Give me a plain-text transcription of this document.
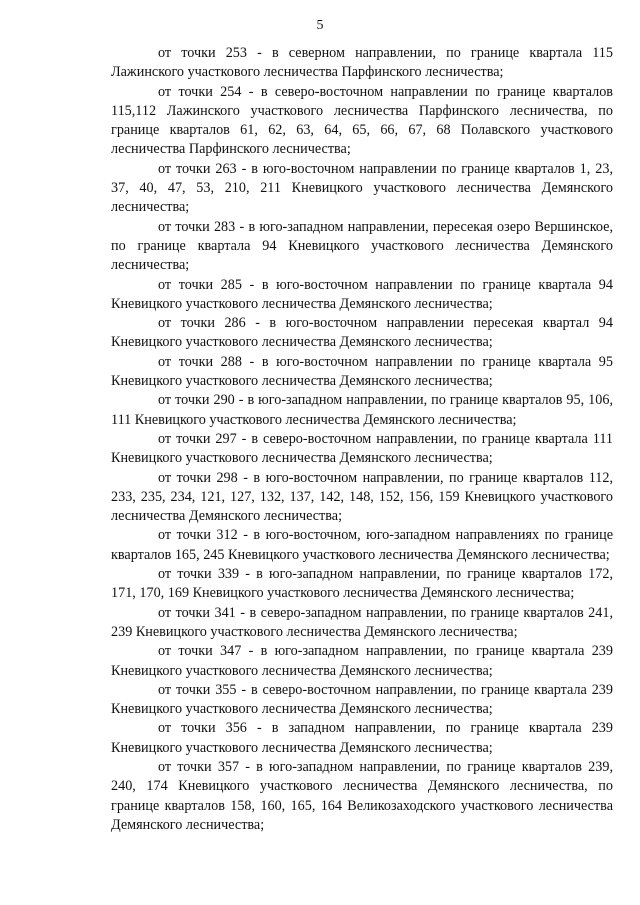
5

от точки 253 - в северном направлении, по границе квартала 115 Лажинского участкового лесничества Парфинского лесничества;

от точки 254 - в северо-восточном направлении по границе кварталов 115,112 Лажинского участкового лесничества Парфинского лесничества, по границе кварталов 61, 62, 63, 64, 65, 66, 67, 68 Полавского участкового лесничества Парфинского лесничества;

от точки 263 - в юго-восточном направлении по границе кварталов 1, 23, 37, 40, 47, 53, 210, 211 Кневицкого участкового лесничества Демянского лесничества;

от точки 283 - в юго-западном направлении, пересекая озеро Вершинское, по границе квартала 94 Кневицкого участкового лесничества Демянского лесничества;

от точки 285 - в юго-восточном направлении по границе квартала 94 Кневицкого участкового лесничества Демянского лесничества;

от точки 286 - в юго-восточном направлении пересекая квартал 94 Кневицкого участкового лесничества Демянского лесничества;

от точки 288 - в юго-восточном направлении по границе квартала 95 Кневицкого участкового лесничества Демянского лесничества;

от точки 290 - в юго-западном направлении, по границе кварталов 95, 106, 111 Кневицкого участкового лесничества Демянского лесничества;

от точки 297 - в северо-восточном направлении, по границе квартала 111 Кневицкого участкового лесничества Демянского лесничества;

от точки 298 - в юго-восточном направлении, по границе кварталов 112, 233, 235, 234, 121, 127, 132, 137, 142, 148, 152, 156, 159 Кневицкого участкового лесничества Демянского лесничества;

от точки 312 - в юго-восточном, юго-западном направлениях по границе кварталов 165, 245 Кневицкого участкового лесничества Демянского лесничества;

от точки 339 - в юго-западном направлении, по границе кварталов 172, 171, 170, 169 Кневицкого участкового лесничества Демянского лесничества;

от точки 341 - в северо-западном направлении, по границе кварталов 241, 239 Кневицкого участкового лесничества Демянского лесничества;

от точки 347 - в юго-западном направлении, по границе квартала 239 Кневицкого участкового лесничества Демянского лесничества;

от точки 355 - в северо-восточном направлении, по границе квартала 239 Кневицкого участкового лесничества Демянского лесничества;

от точки 356 - в западном направлении, по границе квартала 239 Кневицкого участкового лесничества Демянского лесничества;

от точки 357 - в юго-западном направлении, по границе кварталов 239, 240, 174 Кневицкого участкового лесничества Демянского лесничества, по границе кварталов 158, 160, 165, 164 Великозаходского участкового лесничества Демянского лесничества;
